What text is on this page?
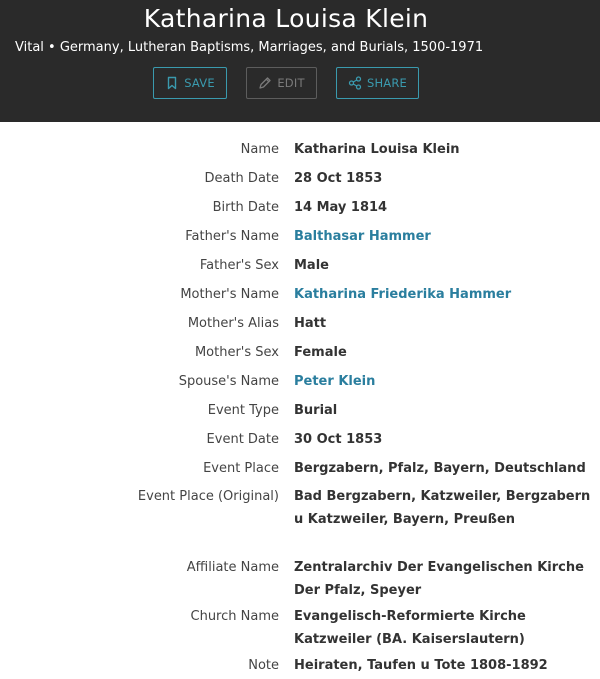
Katharina Louisa Klein
Vital • Germany, Lutheran Baptisms, Marriages, and Burials, 1500-1971
SAVE	EDIT	SHARE
Name Katharina Louisa Klein
Death Date 28 Oct 1853
Birth Date 14 May 1814
Father's Name Balthasar Hammer
Father's Sex Male
Mother's Name Katharina Friederika Hammer
Mother's Alias Hatt
Mother's Sex Female
Spouse's Name Peter Klein
Event Type Burial
Event Date 30 Oct 1853
Event Place Bergzabern, Pfalz, Bayern, Deutschland
Event Place (Original) Bad Bergzabern, Katzweiler, Bergzabern u Katzweiler, Bayern, Preußen
Affiliate Name Zentralarchiv Der Evangelischen Kirche Der Pfalz, Speyer
Church Name Evangelisch-Reformierte Kirche Katzweiler (BA. Kaiserslautern)
Note Heiraten, Taufen u Tote 1808-1892
